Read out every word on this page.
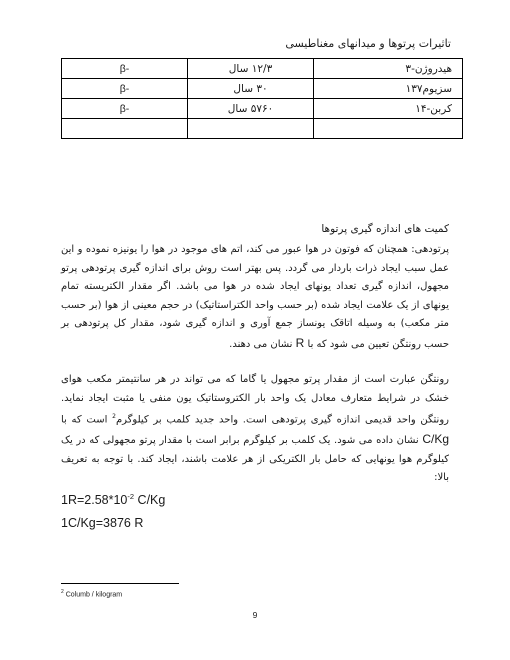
تاثیرات پرتوها و میدانهای مغناطیسی
β-	۱۲/۳ سال	هیدروژن-۳
β-	۳۰ سال	سزیوم۱۳۷
β-	۵۷۶۰ سال	کربن-۱۴

کمیت های اندازه گیری پرتوها
پرتودهی: همچنان که فوتون در هوا عبور می کند، اتم های موجود در هوا را یونیزه نموده و این عمل سبب ایجاد ذرات باردار می گردد. پس بهتر است روش برای اندازه گیری پرتودهی پرتو مجهول، اندازه گیری تعداد یونهای ایجاد شده در هوا می باشد. اگر مقدار الکتریسته تمام یونهای از یک علامت ایجاد شده (بر حسب واحد الکتراستاتیک) در حجم معینی از هوا (بر حسب متر مکعب) به وسیله اتاقک یونساز جمع آوری و اندازه گیری شود، مقدار کل پرتودهی بر حسب رونتگن تعیین می شود که با R نشان می دهند.
رونتگن عبارت است از مقدار پرتو مجهول یا گاما که می تواند در هر سانتیمتر مکعب هوای خشک در شرایط متعارف معادل یک واحد بار الکتروستاتیک یون منفی یا مثبت ایجاد نماید. رونتگن واحد قدیمی اندازه گیری پرتودهی است. واحد جدید کلمب بر کیلوگرم$^2$ است که با C/Kg نشان داده می شود. یک کلمب بر کیلوگرم برابر است با مقدار پرتو مجهولی که در یک کیلوگرم هوا یونهایی که حامل بار الکتریکی از هر علامت باشند، ایجاد کند. با توجه به تعریف بالا:
$1R=2.58*10^{-2}$ C/Kg
1C/Kg=3876 R
$^2$ Columb / kilogram
9
